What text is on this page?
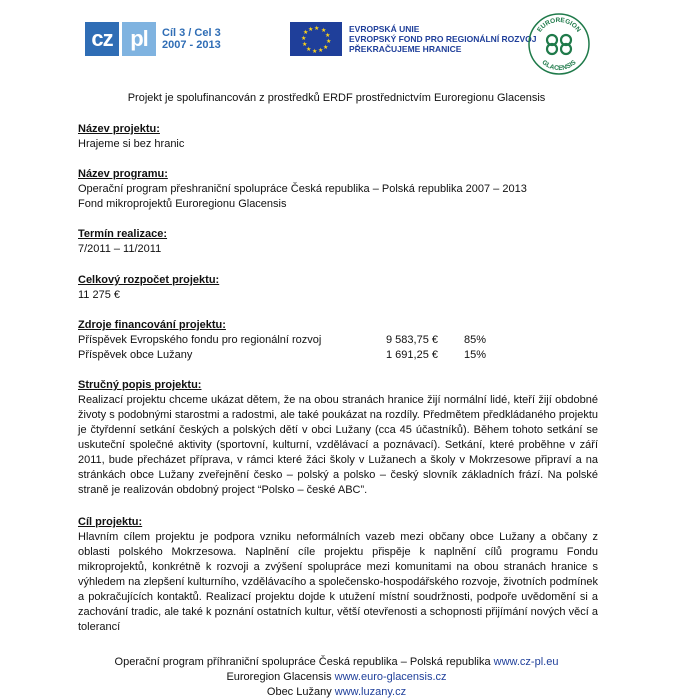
cz pl	Cíl 3 / Cel 3
2007 - 2013
★ ★
★
★
★
★
★
★
★
★
★ ★	EVROPSKÁ UNIE
EVROPSKÝ FOND PRO REGIONÁLNÍ ROZVOJ
PŘEKRAČUJEME HRANICE
EUROREGION
GLACENSIS
Projekt je spolufinancován z prostředků ERDF prostřednictvím Euroregionu Glacensis
Název projektu:
Hrajeme si bez hranic
Název programu:
Operační program přeshraniční spolupráce Česká republika – Polská republika 2007 – 2013
Fond mikroprojektů Euroregionu Glacensis
Termín realizace:
7/2011 – 11/2011
Celkový rozpočet projektu:
11 275 €
Zdroje financování projektu:
Příspěvek Evropského fondu pro regionální rozvoj	9 583,75 €	85%
Příspěvek obce Lužany	1 691,25 €	15%
Stručný popis projektu:
Realizací projektu chceme ukázat dětem, že na obou stranách hranice žijí normální lidé, kteří žijí obdobné životy s podobnými starostmi a radostmi, ale také poukázat na rozdíly. Předmětem předkládaného projektu je čtyřdenní setkání českých a polských dětí v obci Lužany (cca 45 účastníků). Během tohoto setkání se uskuteční společné aktivity (sportovní, kulturní, vzdělávací a poznávací). Setkání, které proběhne v září 2011, bude přecházet příprava, v rámci které žáci školy v Lužanech a školy v Mokrzesowe připraví a na stránkách obce Lužany zveřejnění česko – polský a polsko – český slovník základních frází. Na polské straně je realizován obdobný project “Polsko – české ABC”.
Cíl projektu:
Hlavním cílem projektu je podpora vzniku neformálních vazeb mezi občany obce Lužany a občany z oblasti polského Mokrzesowa. Naplnění cíle projektu přispěje k naplnění cílů programu Fondu mikroprojektů, konkrétně k rozvoji a zvýšení spolupráce mezi komunitami na obou stranách hranice s výhledem na zlepšení kulturního, vzdělávacího a společensko-hospodářského rozvoje, životních podmínek a pokračujících kontaktů. Realizací projektu dojde k utužení místní soudržnosti, podpoře uvědomění si a zachování tradic, ale také k poznání ostatních kultur, větší otevřenosti a schopnosti přijímání nových věcí a tolerancí
Operační program příhraniční spolupráce Česká republika – Polská republika www.cz-pl.eu
Euroregion Glacensis www.euro-glacensis.cz
Obec Lužany www.luzany.cz
